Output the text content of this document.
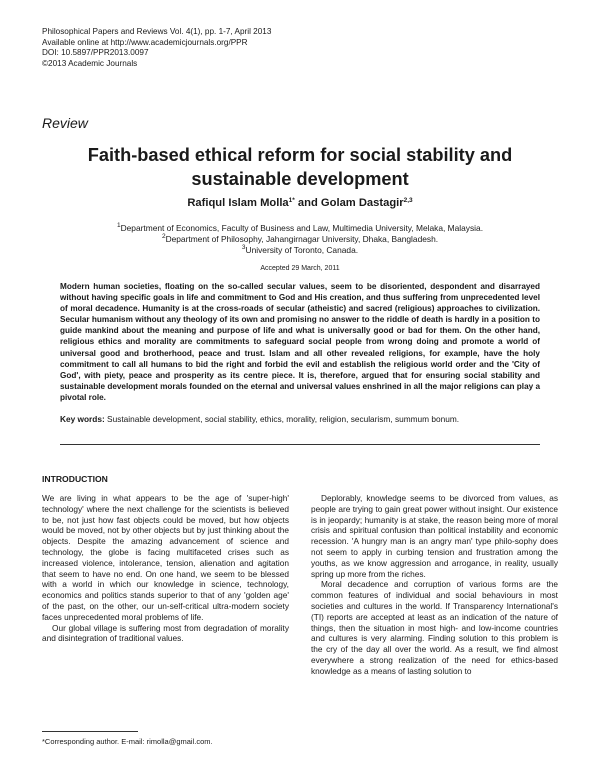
Philosophical Papers and Reviews Vol. 4(1), pp. 1-7, April 2013
Available online at http://www.academicjournals.org/PPR
DOI: 10.5897/PPR2013.0097
©2013 Academic Journals
Review
Faith-based ethical reform for social stability and sustainable development
Rafiqul Islam Molla$^{1*}$ and Golam Dastagir$^{2,3}$
$^1$Department of Economics, Faculty of Business and Law, Multimedia University, Melaka, Malaysia.
$^2$Department of Philosophy, Jahangirnagar University, Dhaka, Bangladesh.
$^3$University of Toronto, Canada.
Accepted 29 March, 2011
Modern human societies, floating on the so-called secular values, seem to be disoriented, despondent and disarrayed without having specific goals in life and commitment to God and His creation, and thus suffering from unprecedented level of moral decadence. Humanity is at the cross-roads of secular (atheistic) and sacred (religious) approaches to civilization. Secular humanism without any theology of its own and promising no answer to the riddle of death is hardly in a position to guide mankind about the meaning and purpose of life and what is universally good or bad for them. On the other hand, religious ethics and morality are commitments to safeguard social people from wrong doing and promote a world of universal good and brotherhood, peace and trust. Islam and all other revealed religions, for example, have the holy commitment to call all humans to bid the right and forbid the evil and establish the religious world order and the 'City of God', with piety, peace and prosperity as its centre piece. It is, therefore, argued that for ensuring social stability and sustainable development morals founded on the eternal and universal values enshrined in all the major religions can play a pivotal role.
Key words: Sustainable development, social stability, ethics, morality, religion, secularism, summum bonum.
INTRODUCTION

We are living in what appears to be the age of 'super-high' technology' where the next challenge for the scientists is believed to be, not just how fast objects could be moved, but how objects would be moved, not by other objects but by just thinking about the objects. Despite the amazing advancement of science and technology, the globe is facing multifaceted crises such as increased violence, intolerance, tension, alienation and agitation that seem to have no end. On one hand, we seem to be blessed with a world in which our knowledge in science, technology, economics and politics stands superior to that of any 'golden age' of the past, on the other, our un-self-critical ultra-modern society faces unprecedented moral problems of life.

Our global village is suffering most from degradation of morality and disintegration of traditional values.

Deplorably, knowledge seems to be divorced from values, as people are trying to gain great power without insight. Our existence is in jeopardy; humanity is at stake, the reason being more of moral crisis and spiritual confusion than political instability and economic recession. 'A hungry man is an angry man' type philo-sophy does not seem to apply in curbing tension and frustration among the youths, as we know aggression and arrogance, in reality, usually spring up more from the riches.

Moral decadence and corruption of various forms are the common features of individual and social behaviours in most societies and cultures in the world. If Transparency International's (TI) reports are accepted at least as an indication of the nature of things, then the situation in most high- and low-income countries and cultures is very alarming. Finding solution to this problem is the cry of the day all over the world. As a result, we find almost everywhere a strong realization of the need for ethics-based knowledge as a means of lasting solution to

*Corresponding author. E-mail: rimolla@gmail.com.
